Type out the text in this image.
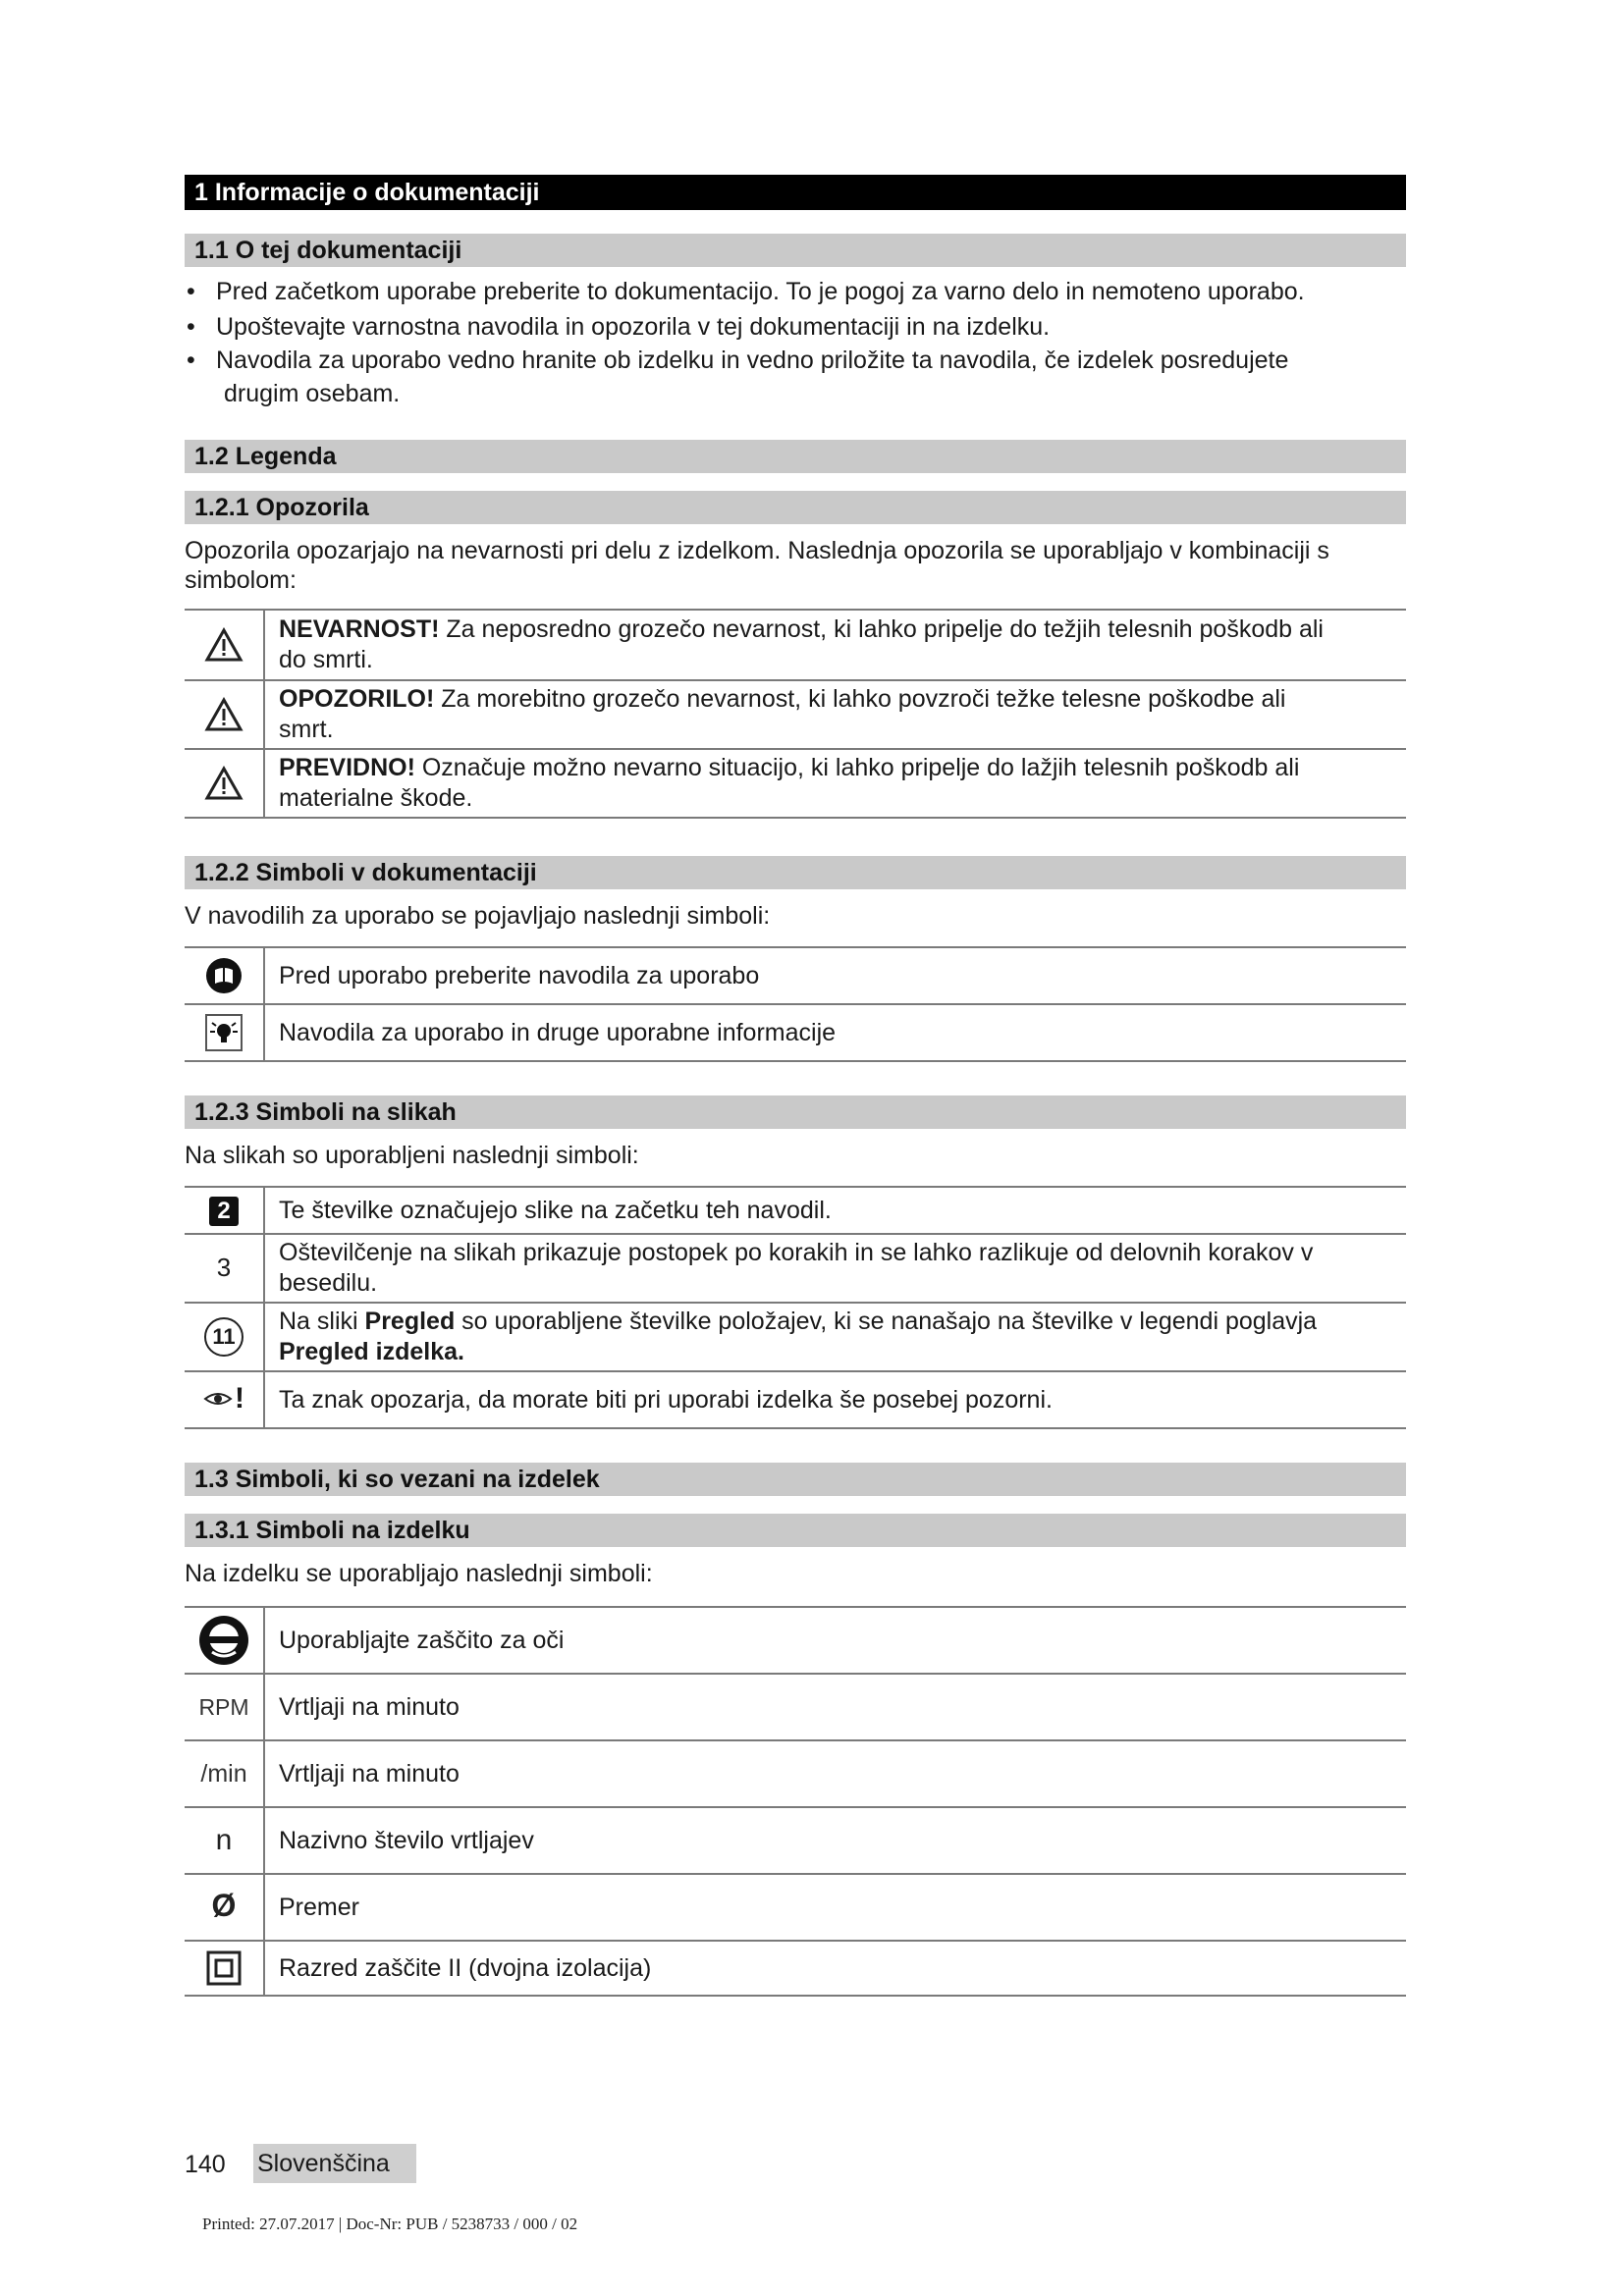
1 Informacije o dokumentaciji
1.1 O tej dokumentaciji
• Pred začetkom uporabe preberite to dokumentacijo. To je pogoj za varno delo in nemoteno uporabo.
• Upoštevajte varnostna navodila in opozorila v tej dokumentaciji in na izdelku.
• Navodila za uporabo vedno hranite ob izdelku in vedno priložite ta navodila, če izdelek posredujete
drugim osebam.
1.2 Legenda
1.2.1 Opozorila
Opozorila opozarjajo na nevarnosti pri delu z izdelkom. Naslednja opozorila se uporabljajo v kombinaciji s
simbolom:
	NEVARNOST! Za neposredno grozečo nevarnost, ki lahko pripelje do težjih telesnih poškodb ali
do smrti.

	OPOZORILO! Za morebitno grozečo nevarnost, ki lahko povzroči težke telesne poškodbe ali
smrt.

	PREVIDNO! Označuje možno nevarno situacijo, ki lahko pripelje do lažjih telesnih poškodb ali
materialne škode.
1.2.2 Simboli v dokumentaciji
V navodilih za uporabo se pojavljajo naslednji simboli:
	Pred uporabo preberite navodila za uporabo

	Navodila za uporabo in druge uporabne informacije
1.2.3 Simboli na slikah
Na slikah so uporabljeni naslednji simboli:
2	Te številke označujejo slike na začetku teh navodil.
3	Oštevilčenje na slikah prikazuje postopek po korakih in se lahko razlikuje od delovnih korakov v
besedilu.
11	Na sliki Pregled so uporabljene številke položajev, ki se nanašajo na številke v legendi poglavja
Pregled izdelka.

!	Ta znak opozarja, da morate biti pri uporabi izdelka še posebej pozorni.
1.3 Simboli, ki so vezani na izdelek
1.3.1 Simboli na izdelku
Na izdelku se uporabljajo naslednji simboli:
	Uporabljajte zaščito za oči
RPM	Vrtljaji na minuto
/min	Vrtljaji na minuto
n	Nazivno število vrtljajev
Ø	Premer

	Razred zaščite II (dvojna izolacija)
140 Slovenščina
Printed: 27.07.2017 | Doc-Nr: PUB / 5238733 / 000 / 02
